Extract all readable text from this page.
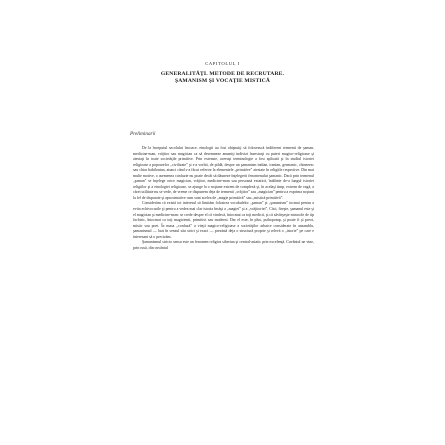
CAPITOLUL I
GENERALITĂŢI. METODE DE RECRUTARE.
ŞAMANISM ŞI VOCAŢIE MISTICĂ
Preliminarii

De la începutul secolului încoace, etnologii au fost obişnuiţi să folosească indiferent termenii de şaman, medicine-man, vrăjitor sau magician ca să desemneze anumiţi indivizi înzestraţi cu puteri magico-religioase şi atestaţi în toate societăţile primitive. Prin extensie, aceeaşi terminologie a fost aplicată şi în studiul istoriei religioase a popoarelor „civilizate” şi s-a vorbit, de pildă, despre un şamanism indian, iranian, germanic, chinezesc sau chiar babilonian, atunci când s-a făcut referire la elementele „primitive” atestate în religiile respective. Din mai multe motive, o asemenea confuzie nu poate decât să dăuneze înţelegerii fenomenului şamanic. Dacă prin termenul „şaman” se înţelege orice magician, vrăjitor, medicine-man sau persoană extatică, întâlnite de-a lungul istoriei religiilor şi a etnologiei religioase, se ajunge la o noţiune extrem de complexă şi, în acelaşi timp, extrem de vagă, a cărei utilitate nu se vede, de vreme ce dispunem deja de termenii „vrăjitor” sau „magician” pentru a exprima noţiuni la fel de disparate şi aproximative cum sunt acelea de „magie primitivă” sau „mistică primitivă”.

Considerăm că există tot interesul să limităm folosirea vocabulelor „şaman” şi „şamanism” tocmai pentru a evita echivocurile şi pentru a vedea mai clar istoria însăşi a „magiei” şi a „vrăjitoriei”. Căci, fireşte, şamanul este şi el magician şi medicine-man: se crede despre el că vindecă, întocmai ca toţi medicii, şi că săvârşeşte miracole de tip fachiric, întocmai ca toţi magicienii, primitivi sau moderni. Dar el este, în plus, psihopomp, şi poate fi şi preot, mistic sau poet. În masa „confuză” a vieţii magico-religioase a societăţilor arhaice considerate în ansamblu, şamanismul — luat în sensul său strict şi exact — prezintă deja o structură proprie şi relevă o „istorie” pe care e interesant să o precizăm.

Şamanismul stricto sensu este un fenomen religios siberian şi central-asiatic prin excelenţă. Cuvântul ne vine, prin rusă, din cuvântul
